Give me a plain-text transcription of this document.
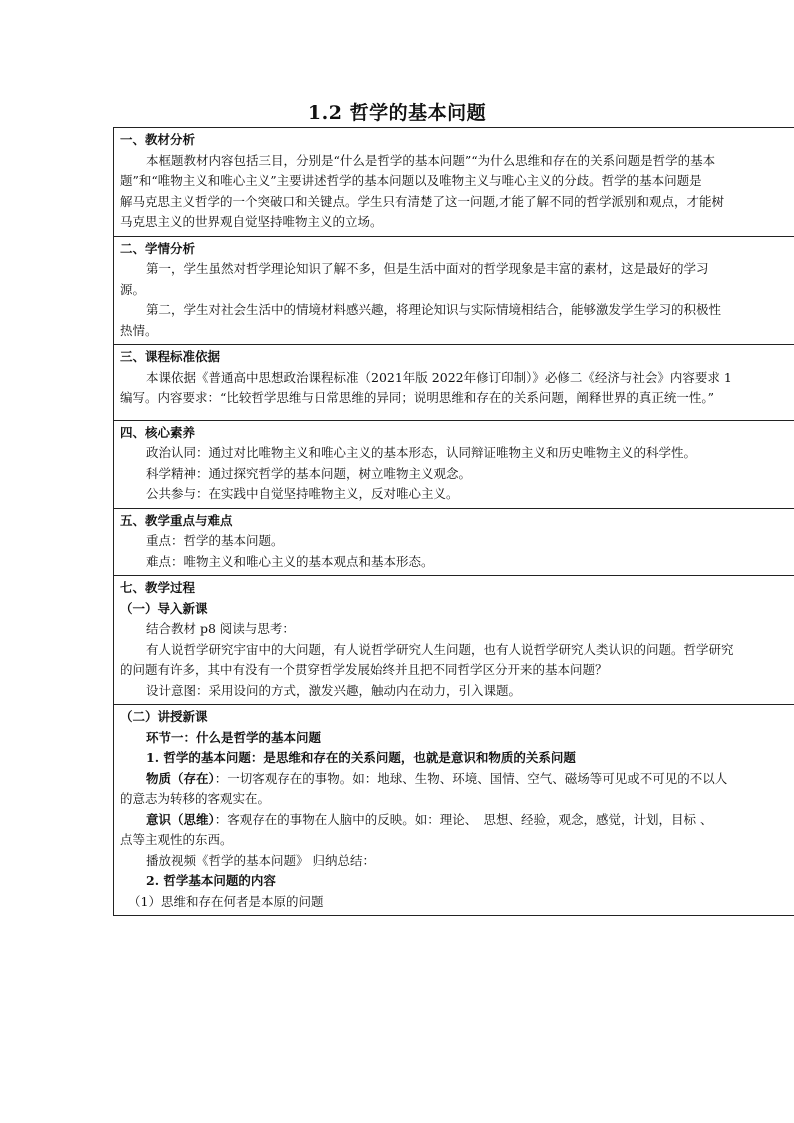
1.2 哲学的基本问题
一、教材分析
本框题教材内容包括三目，分别是“什么是哲学的基本问题”“为什么思维和存在的关系问题是哲学的基本
题”和“唯物主义和唯心主义”主要讲述哲学的基本问题以及唯物主义与唯心主义的分歧。哲学的基本问题是
解马克思主义哲学的一个突破口和关键点。学生只有清楚了这一问题,才能了解不同的哲学派别和观点，才能树
马克思主义的世界观自觉坚持唯物主义的立场。
二、学情分析
第一，学生虽然对哲学理论知识了解不多，但是生活中面对的哲学现象是丰富的素材，这是最好的学习
源。
第二，学生对社会生活中的情境材料感兴趣，将理论知识与实际情境相结合，能够激发学生学习的积极性
热情。
三、课程标准依据
本课依据《普通高中思想政治课程标准（2021年版 2022年修订印制）》必修二《经济与社会》内容要求 1
编写。内容要求：“比较哲学思维与日常思维的异同；说明思维和存在的关系问题，阐释世界的真正统一性。”
四、核心素养
政治认同：通过对比唯物主义和唯心主义的基本形态，认同辩证唯物主义和历史唯物主义的科学性。
科学精神：通过探究哲学的基本问题，树立唯物主义观念。
公共参与：在实践中自觉坚持唯物主义，反对唯心主义。
五、教学重点与难点
重点：哲学的基本问题。
难点：唯物主义和唯心主义的基本观点和基本形态。
七、教学过程
（一）导入新课
结合教材 p8 阅读与思考：
有人说哲学研究宇宙中的大问题，有人说哲学研究人生问题，也有人说哲学研究人类认识的问题。哲学研究
的问题有许多，其中有没有一个贯穿哲学发展始终并且把不同哲学区分开来的基本问题？
设计意图：采用设问的方式，激发兴趣，触动内在动力，引入课题。
（二）讲授新课
环节一：什么是哲学的基本问题
1. 哲学的基本问题：是思维和存在的关系问题，也就是意识和物质的关系问题
物质（存在）：一切客观存在的事物。如：地球、生物、环境、国情、空气、磁场等可见或不可见的不以人
的意志为转移的客观实在。
意识（思维）：客观存在的事物在人脑中的反映。如：理论、　思想、经验，观念，感觉，计划，目标 、
点等主观性的东西。
播放视频《哲学的基本问题》 归纳总结：
2. 哲学基本问题的内容
（1）思维和存在何者是本原的问题
